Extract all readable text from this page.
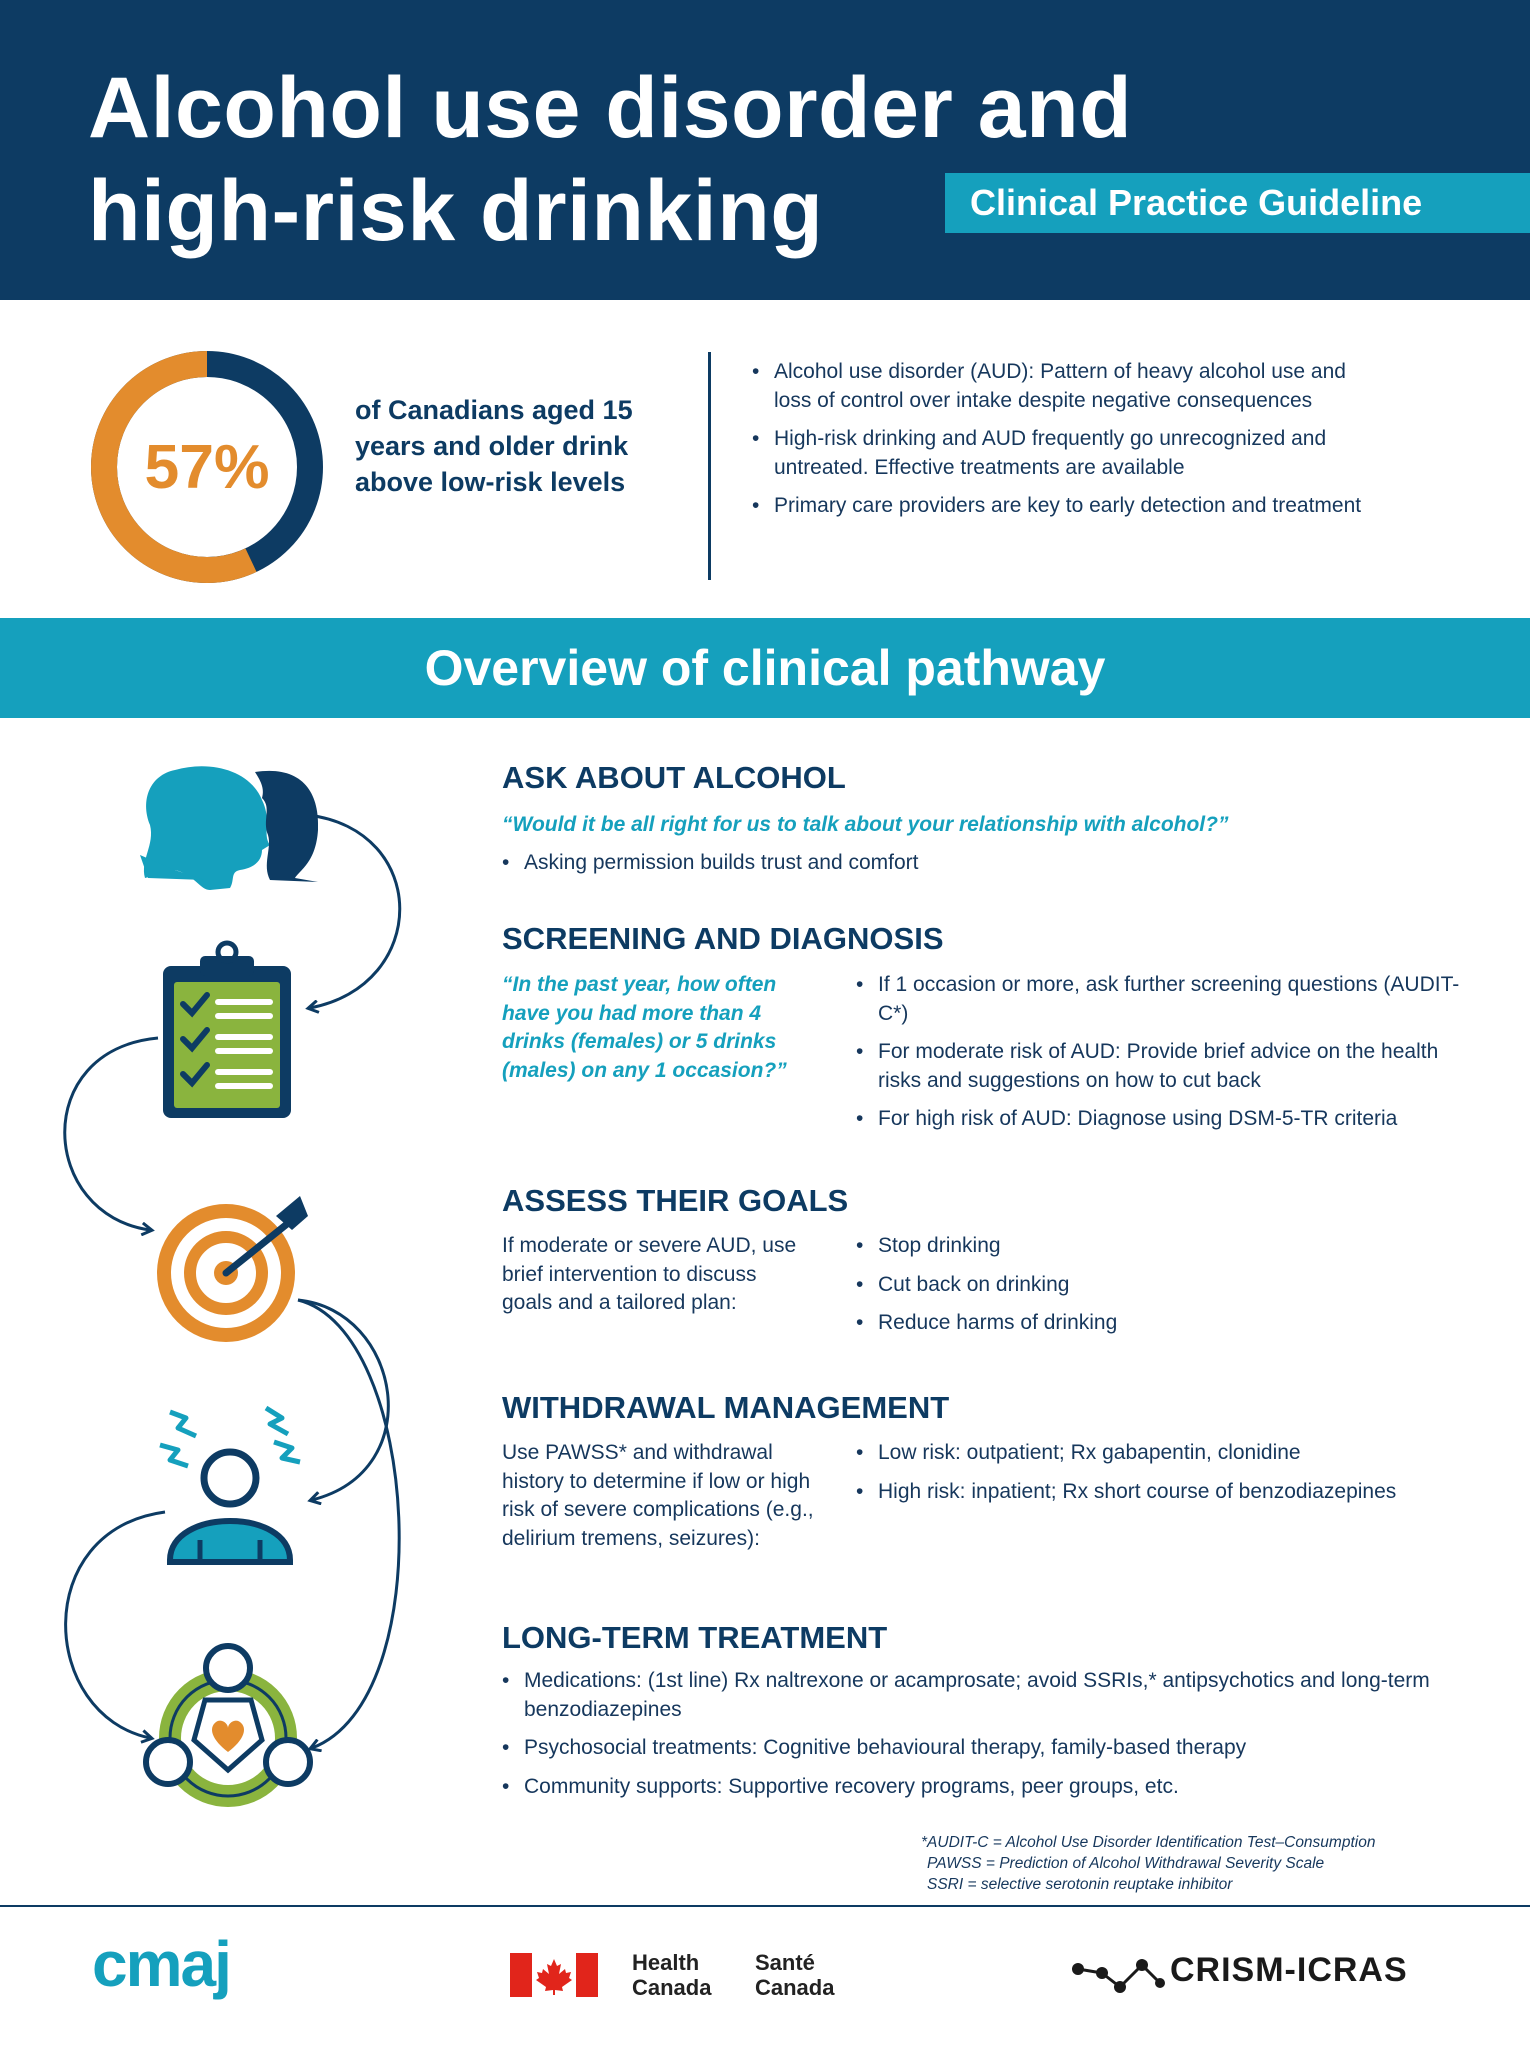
Alcohol use disorder and
high-risk drinking	Clinical Practice Guideline
57%
of Canadians aged 15 years and older drink above low-risk levels
• Alcohol use disorder (AUD): Pattern of heavy alcohol use and loss of control over intake despite negative consequences
• High-risk drinking and AUD frequently go unrecognized and untreated. Effective treatments are available
• Primary care providers are key to early detection and treatment
Overview of clinical pathway
ASK ABOUT ALCOHOL
“Would it be all right for us to talk about your relationship with alcohol?”
• Asking permission builds trust and comfort
SCREENING AND DIAGNOSIS
“In the past year, how often have you had more than 4 drinks (females) or 5 drinks (males) on any 1 occasion?”
• If 1 occasion or more, ask further screening questions (AUDIT-C*)
• For moderate risk of AUD: Provide brief advice on the health risks and suggestions on how to cut back
• For high risk of AUD: Diagnose using DSM-5-TR criteria
ASSESS THEIR GOALS
If moderate or severe AUD, use brief intervention to discuss goals and a tailored plan:
• Stop drinking
• Cut back on drinking
• Reduce harms of drinking
WITHDRAWAL MANAGEMENT
Use PAWSS* and withdrawal history to determine if low or high risk of severe complications (e.g., delirium tremens, seizures):
• Low risk: outpatient; Rx gabapentin, clonidine
• High risk: inpatient; Rx short course of benzodiazepines
LONG-TERM TREATMENT
• Medications: (1st line) Rx naltrexone or acamprosate; avoid SSRIs,* antipsychotics and long-term benzodiazepines
• Psychosocial treatments: Cognitive behavioural therapy, family-based therapy
• Community supports: Supportive recovery programs, peer groups, etc.
*AUDIT-C = Alcohol Use Disorder Identification Test–Consumption
PAWSS = Prediction of Alcohol Withdrawal Severity Scale
SSRI = selective serotonin reuptake inhibitor
cmaj	Health
Canada
Santé
Canada	CRISM-ICRAS
